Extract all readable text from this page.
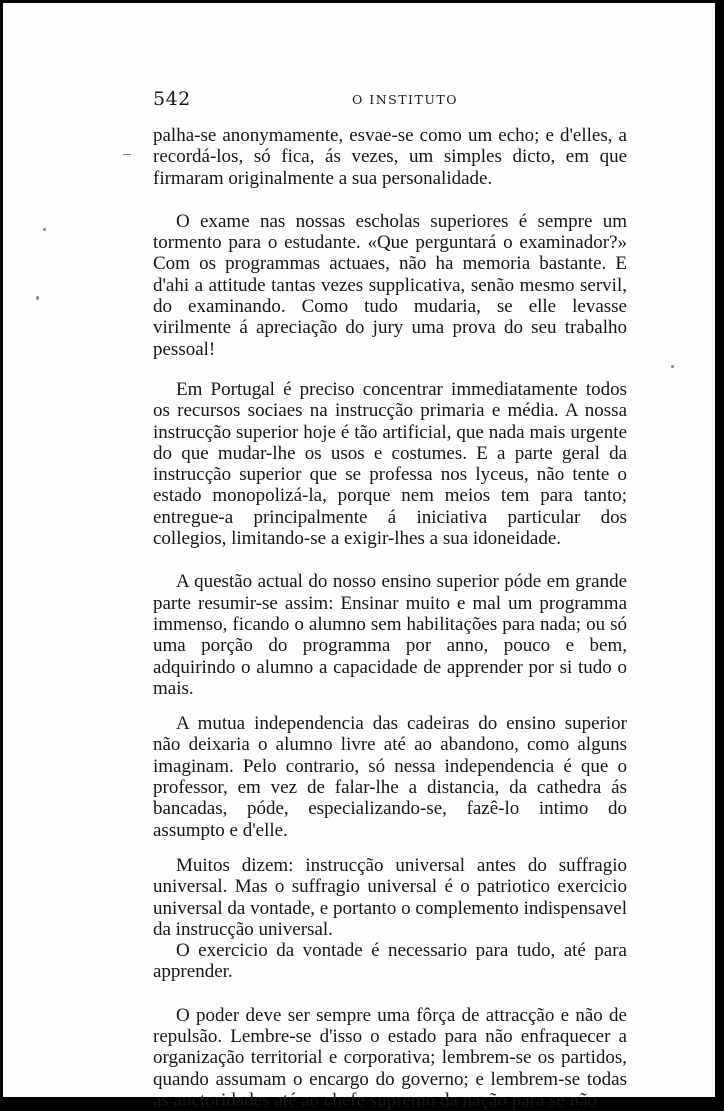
542	O INSTITUTO

palha-se anonymamente, esvae-se como um echo; e d'elles, a recordá-los, só fica, ás vezes, um simples dicto, em que firmaram originalmente a sua personalidade.

O exame nas nossas escholas superiores é sempre um tormento para o estudante. «Que perguntará o examinador?» Com os programmas actuaes, não ha memoria bastante. E d'ahi a attitude tantas vezes supplicativa, senão mesmo servil, do examinando. Como tudo mudaria, se elle levasse virilmente á apreciação do jury uma prova do seu trabalho pessoal!

Em Portugal é preciso concentrar immediatamente todos os recursos sociaes na instrucção primaria e média. A nossa instrucção superior hoje é tão artificial, que nada mais urgente do que mudar-lhe os usos e costumes. E a parte geral da instrucção superior que se professa nos lyceus, não tente o estado monopolizá-la, porque nem meios tem para tanto; entregue-a principalmente á iniciativa particular dos collegios, limitando-se a exigir-lhes a sua idoneidade.

A questão actual do nosso ensino superior póde em grande parte resumir-se assim: Ensinar muito e mal um programma immenso, ficando o alumno sem habilitações para nada; ou só uma porção do programma por anno, pouco e bem, adquirindo o alumno a capacidade de apprender por si tudo o mais.

A mutua independencia das cadeiras do ensino superior não deixaria o alumno livre até ao abandono, como alguns imaginam. Pelo contrario, só nessa independencia é que o professor, em vez de falar-lhe a distancia, da cathedra ás bancadas, póde, especializando-se, fazê-lo intimo do assumpto e d'elle.

Muitos dizem: instrucção universal antes do suffragio universal. Mas o suffragio universal é o patriotico exercicio universal da vontade, e portanto o complemento indispensavel da instrucção universal.

O exercicio da vontade é necessario para tudo, até para apprender.

O poder deve ser sempre uma fôrça de attracção e não de repulsão. Lembre-se d'isso o estado para não enfraquecer a organização territorial e corporativa; lembrem-se os partidos, quando assumam o encargo do governo; e lembrem-se todas as auctoridades até ao chefe supremo da nação para se não
